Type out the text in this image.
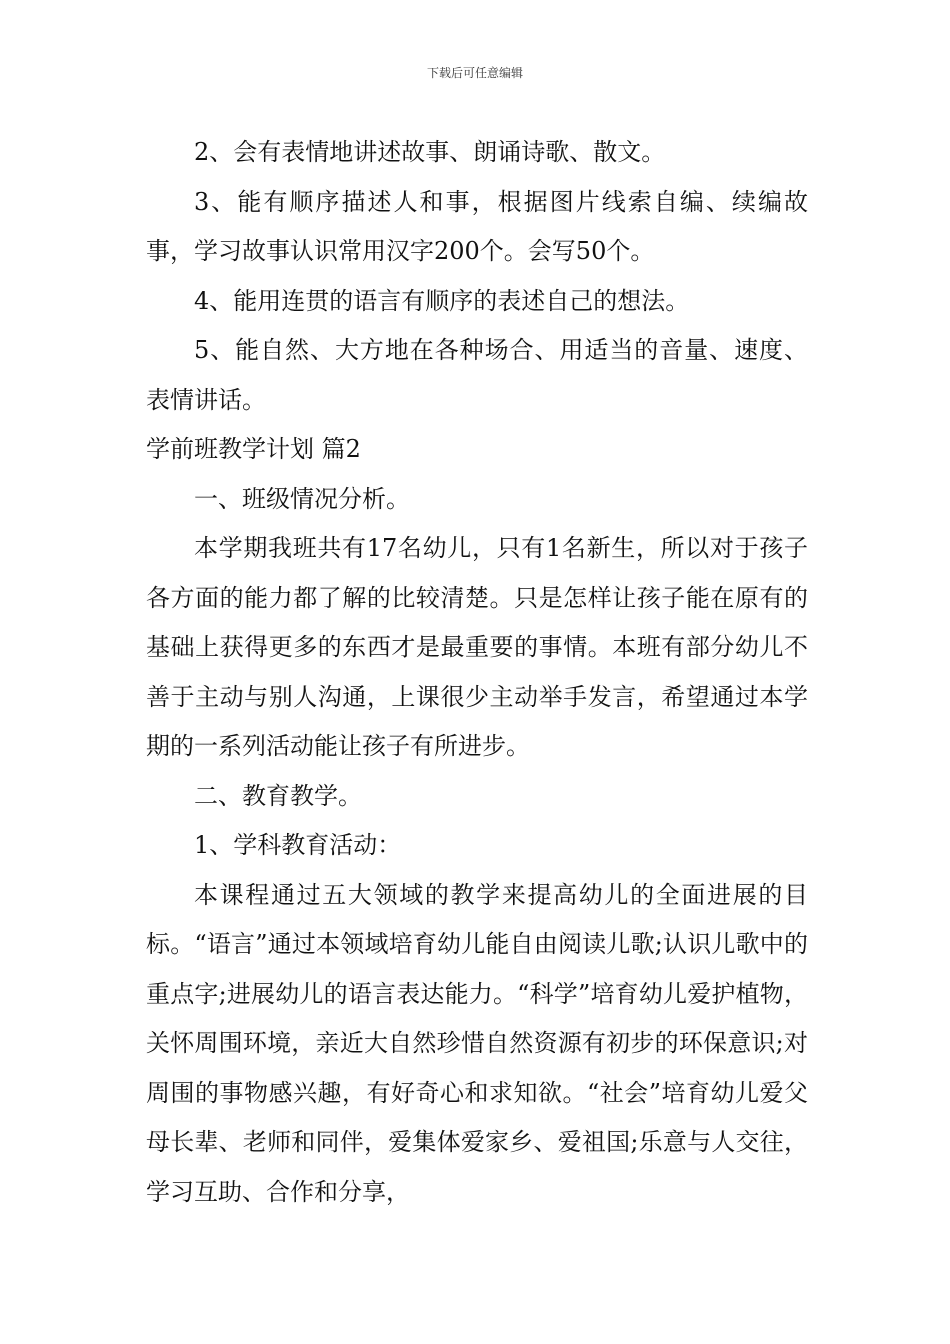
下载后可任意编辑

2、会有表情地讲述故事、朗诵诗歌、散文。

3、能有顺序描述人和事，根据图片线索自编、续编故事，学习故事认识常用汉字200个。会写50个。

4、能用连贯的语言有顺序的表述自己的想法。

5、能自然、大方地在各种场合、用适当的音量、速度、表情讲话。

学前班教学计划 篇2

一、班级情况分析。

本学期我班共有17名幼儿，只有1名新生，所以对于孩子各方面的能力都了解的比较清楚。只是怎样让孩子能在原有的基础上获得更多的东西才是最重要的事情。本班有部分幼儿不善于主动与别人沟通，上课很少主动举手发言，希望通过本学期的一系列活动能让孩子有所进步。

二、教育教学。

1、学科教育活动：

本课程通过五大领域的教学来提高幼儿的全面进展的目标。“语言”通过本领域培育幼儿能自由阅读儿歌;认识儿歌中的重点字;进展幼儿的语言表达能力。“科学”培育幼儿爱护植物，关怀周围环境，亲近大自然珍惜自然资源有初步的环保意识;对周围的事物感兴趣，有好奇心和求知欲。“社会”培育幼儿爱父母长辈、老师和同伴，爱集体爱家乡、爱祖国;乐意与人交往，学习互助、合作和分享，
